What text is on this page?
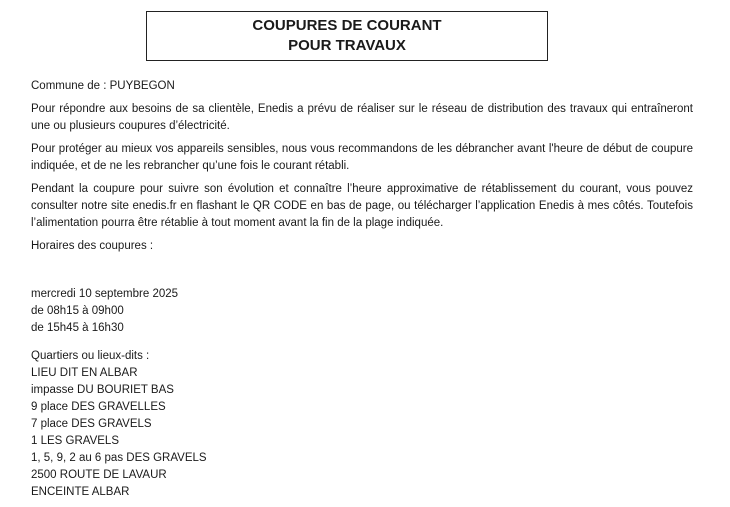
COUPURES DE COURANT
POUR TRAVAUX

Commune de : PUYBEGON

Pour répondre aux besoins de sa clientèle, Enedis a prévu de réaliser sur le réseau de distribution des travaux qui entraîneront une ou plusieurs coupures d’électricité.

Pour protéger au mieux vos appareils sensibles, nous vous recommandons de les débrancher avant l'heure de début de coupure indiquée, et de ne les rebrancher qu’une fois le courant rétabli.

Pendant la coupure pour suivre son évolution et connaître l’heure approximative de rétablissement du courant, vous pouvez consulter notre site enedis.fr en flashant le QR CODE en bas de page, ou télécharger l’application Enedis à mes côtés. Toutefois l’alimentation pourra être rétablie à tout moment avant la fin de la plage indiquée.

Horaires des coupures :

mercredi 10 septembre 2025
de 08h15 à 09h00
de 15h45 à 16h30
Quartiers ou lieux-dits :
LIEU DIT EN ALBAR
impasse DU BOURIET BAS
9 place DES GRAVELLES
7 place DES GRAVELS
1 LES GRAVELS
1, 5, 9, 2 au 6 pas DES GRAVELS
2500 ROUTE DE LAVAUR
ENCEINTE ALBAR
